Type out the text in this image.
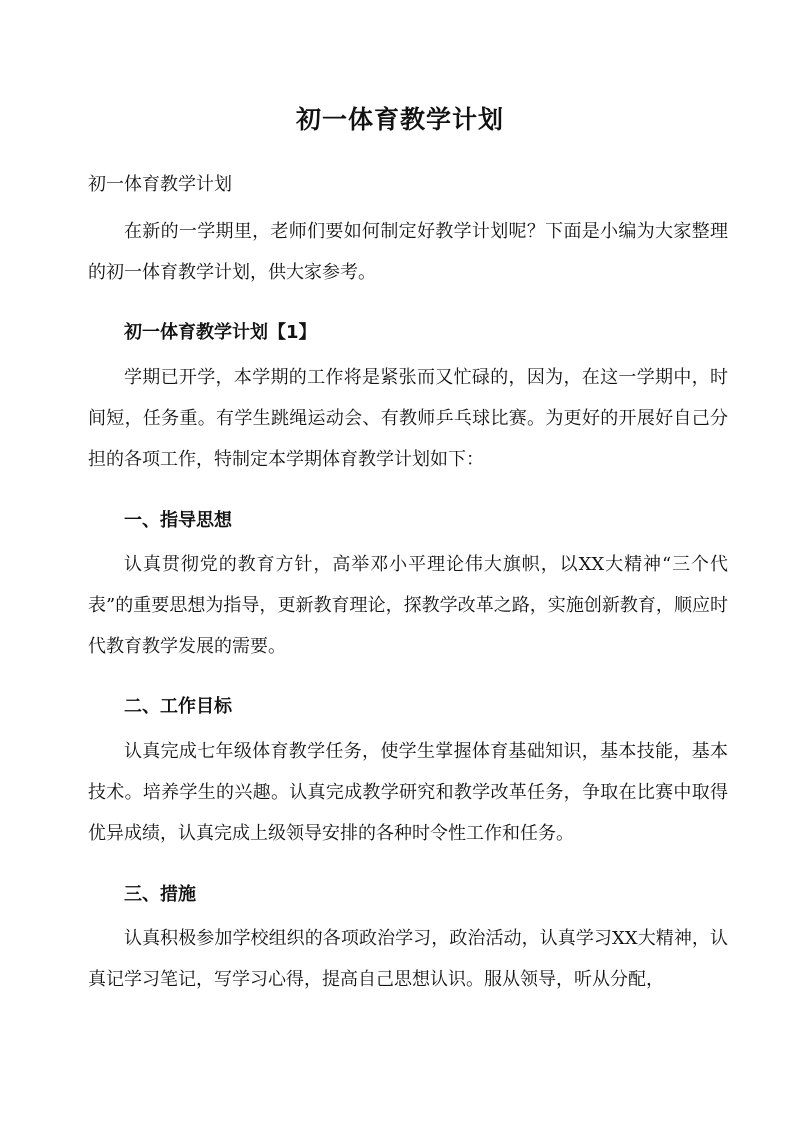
初一体育教学计划
初一体育教学计划
在新的一学期里，老师们要如何制定好教学计划呢？下面是小编为大家整理的初一体育教学计划，供大家参考。
初一体育教学计划【1】
学期已开学，本学期的工作将是紧张而又忙碌的，因为，在这一学期中，时间短，任务重。有学生跳绳运动会、有教师乒乓球比赛。为更好的开展好自己分担的各项工作，特制定本学期体育教学计划如下：
一、指导思想
认真贯彻党的教育方针，高举邓小平理论伟大旗帜，以XX大精神“三个代表”的重要思想为指导，更新教育理论，探教学改革之路，实施创新教育，顺应时代教育教学发展的需要。
二、工作目标
认真完成七年级体育教学任务，使学生掌握体育基础知识，基本技能，基本技术。培养学生的兴趣。认真完成教学研究和教学改革任务，争取在比赛中取得优异成绩，认真完成上级领导安排的各种时令性工作和任务。
三、措施
认真积极参加学校组织的各项政治学习，政治活动，认真学习XX大精神，认真记学习笔记，写学习心得，提高自己思想认识。服从领导，听从分配，
